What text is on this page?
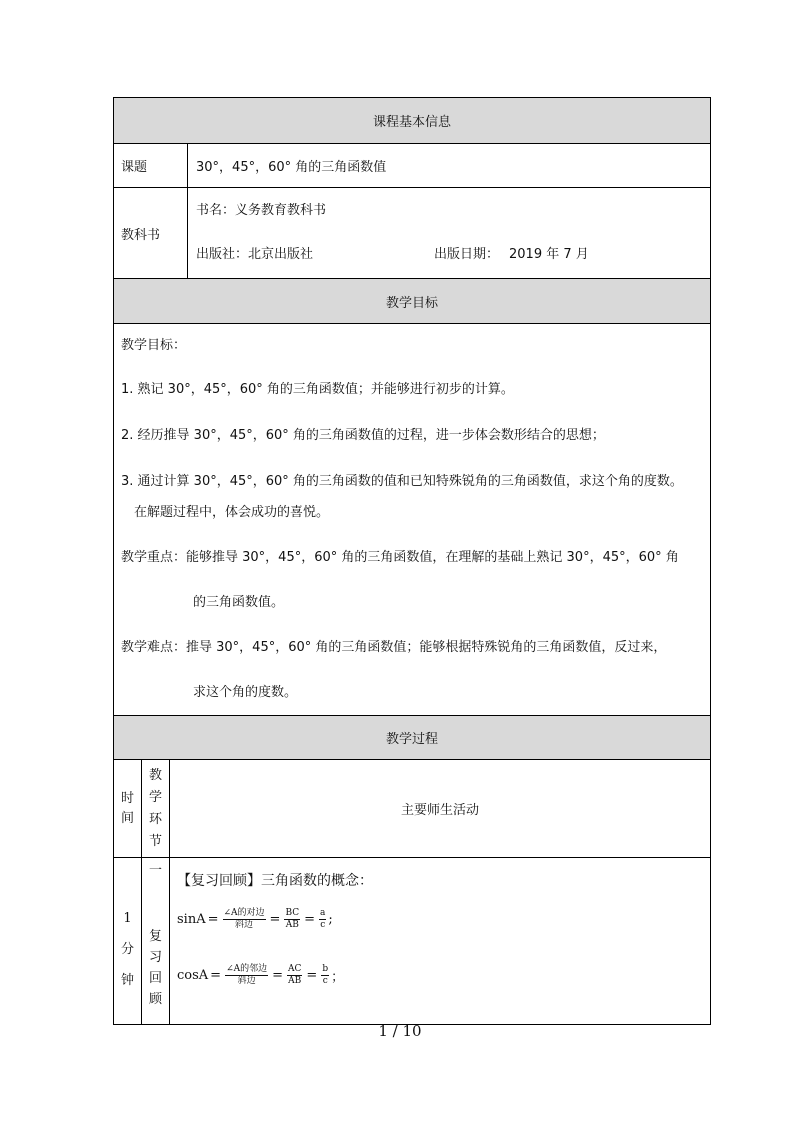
课程基本信息
课题	30°，45°，60° 角的三角函数值
教科书
书名：义务教育教科书
出版社：北京出版社	出版日期： 2019 年 7 月
教学目标
教学目标：
1. 熟记 30°，45°，60° 角的三角函数值；并能够进行初步的计算。
2. 经历推导 30°，45°，60° 角的三角函数值的过程，进一步体会数形结合的思想；
3. 通过计算 30°，45°，60° 角的三角函数的值和已知特殊锐角的三角函数值，求这个角的度数。
在解题过程中，体会成功的喜悦。
教学重点：能够推导 30°，45°，60° 角的三角函数值，在理解的基础上熟记 30°，45°，60° 角
的三角函数值。
教学难点：推导 30°，45°，60° 角的三角函数值；能够根据特殊锐角的三角函数值，反过来，
求这个角的度数。
教学过程
时
间
教
学
环
节
主要师生活动
1
分
钟
一
复
习
回
顾
【复习回顾】三角函数的概念：
$\sin A = \frac{\text{∠A的对边}}{\text{斜边}} = \frac{BC}{AB} = \frac{a}{c}$ ;
$\cos A = \frac{\text{∠A的邻边}}{\text{斜边}} = \frac{AC}{AB} = \frac{b}{c}$ ；
1 / 10
